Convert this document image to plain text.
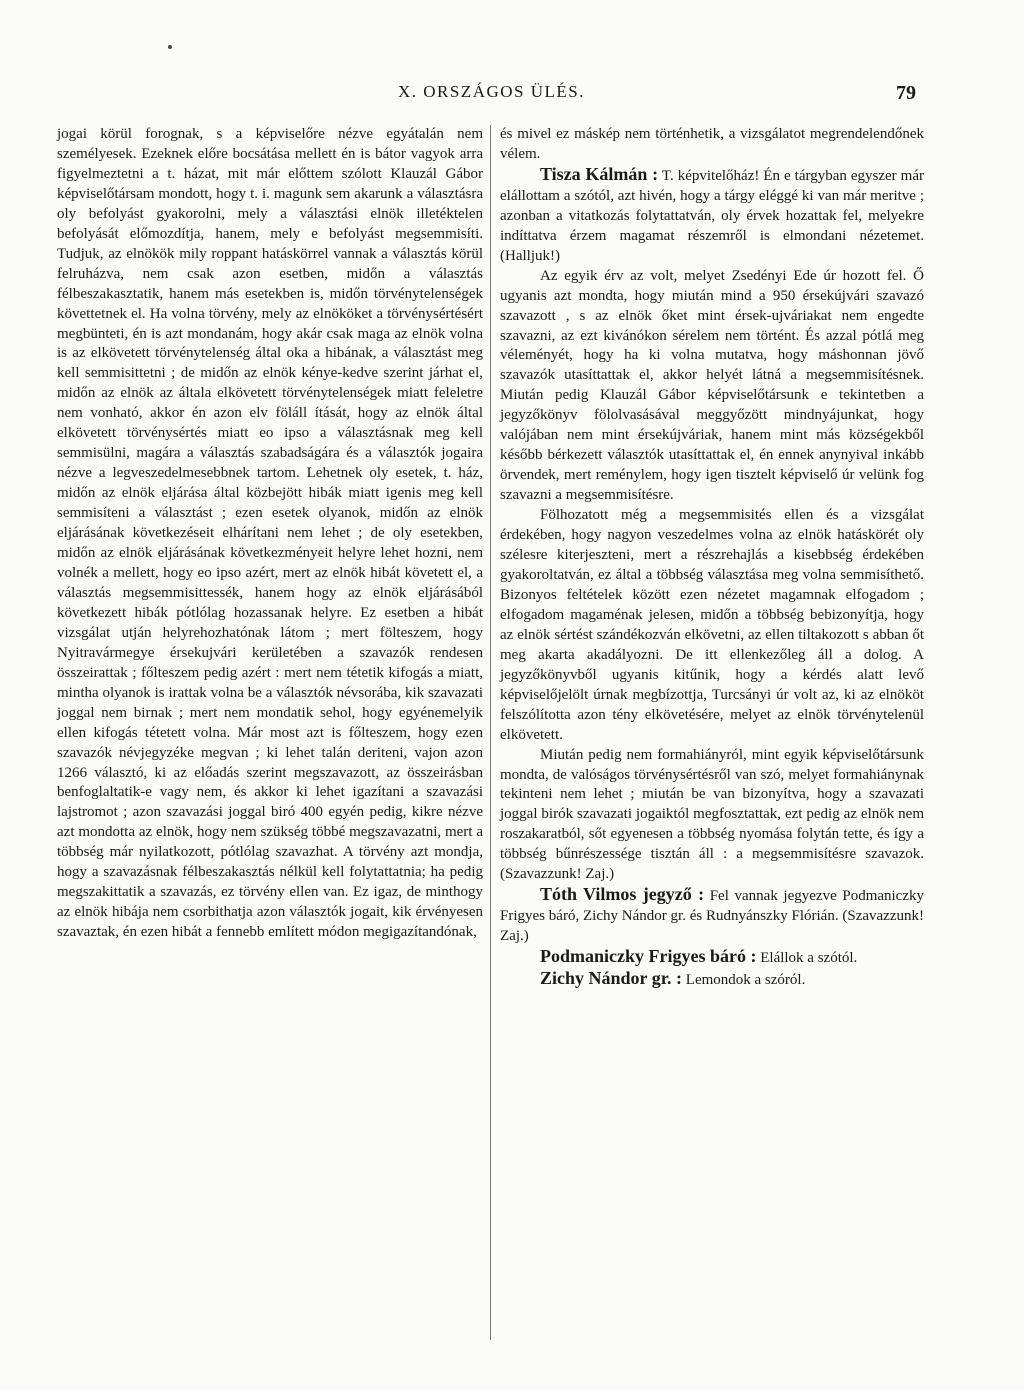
X. ORSZÁGOS ÜLÉS.	79

jogai körül forognak, s a képviselőre nézve egyátalán nem személyesek. Ezeknek előre bocsátása mellett én is bátor vagyok arra figyelmeztetni a t. házat, mit már előttem szólott Klauzál Gábor képviselőtársam mondott, hogy t. i. magunk sem akarunk a választásra oly befolyást gyakorolni, mely a választási elnök illetéktelen befolyását előmozdítja, hanem, mely e befolyást megsemmisíti. Tudjuk, az elnökök mily roppant hatáskörrel vannak a választás körül felruházva, nem csak azon esetben, midőn a választás félbeszakasztatik, hanem más esetekben is, midőn törvénytelenségek követtetnek el. Ha volna törvény, mely az elnököket a törvénysértésért megbünteti, én is azt mondanám, hogy akár csak maga az elnök volna is az elkövetett törvénytelenség által oka a hibának, a választást meg kell semmisittetni ; de midőn az elnök kénye-kedve szerint járhat el, midőn az elnök az általa elkövetett törvénytelenségek miatt feleletre nem vonható, akkor én azon elv föláll ítását, hogy az elnök által elkövetett törvénysértés miatt eo ipso a választásnak meg kell semmisülni, magára a választás szabadságára és a választók jogaira nézve a legveszedelmesebbnek tartom. Lehetnek oly esetek, t. ház, midőn az elnök eljárása által közbejött hibák miatt igenis meg kell semmisíteni a választást ; ezen esetek olyanok, midőn az elnök eljárásának következéseit elhárítani nem lehet ; de oly esetekben, midőn az elnök eljárásának következményeit helyre lehet hozni, nem volnék a mellett, hogy eo ipso azért, mert az elnök hibát követett el, a választás megsemmisittessék, hanem hogy az elnök eljárásából következett hibák pótlólag hozassanak helyre. Ez esetben a hibát vizsgálat utján helyrehozhatónak látom ; mert fölteszem, hogy Nyitravármegye érsekujvári kerületében a szavazók rendesen összeirattak ; főlteszem pedig azért : mert nem tétetik kifogás a miatt, mintha olyanok is irattak volna be a választók névsorába, kik szavazati joggal nem birnak ; mert nem mondatik sehol, hogy egyénemelyik ellen kifogás tétetett volna. Már most azt is főlteszem, hogy ezen szavazók névjegyzéke megvan ; ki lehet talán deriteni, vajon azon 1266 választó, ki az előadás szerint megszavazott, az összeirásban benfoglaltatik-e vagy nem, és akkor ki lehet igazítani a szavazási lajstromot ; azon szavazási joggal biró 400 egyén pedig, kikre nézve azt mondotta az elnök, hogy nem szükség többé megszavazatni, mert a többség már nyilatkozott, pótlólag szavazhat. A törvény azt mondja, hogy a szavazásnak félbeszakasztás nélkül kell folytattatnia; ha pedig megszakittatik a szavazás, ez törvény ellen van. Ez igaz, de minthogy az elnök hibája nem csorbithatja azon választók jogait, kik érvényesen szavaztak, én ezen hibát a fennebb említett módon megigazítandónak,

és mivel ez máskép nem történhetik, a vizsgálatot megrendelendőnek vélem.

Tisza Kálmán : T. képvitelőház! Én e tárgyban egyszer már elállottam a szótól, azt hivén, hogy a tárgy eléggé ki van már meritve ; azonban a vitatkozás folytattatván, oly érvek hozattak fel, melyekre indíttatva érzem magamat részemről is elmondani nézetemet. (Halljuk!)

Az egyik érv az volt, melyet Zsedényi Ede úr hozott fel. Ő ugyanis azt mondta, hogy miután mind a 950 érsekújvári szavazó szavazott , s az elnök őket mint érsek-ujváriakat nem engedte szavazni, az ezt kivánókon sérelem nem történt. És azzal pótlá meg véleményét, hogy ha ki volna mutatva, hogy máshonnan jövő szavazók utasíttattak el, akkor helyét látná a megsemmisítésnek. Miután pedig Klauzál Gábor képviselőtársunk e tekintetben a jegyzőkönyv fölolvasásával meggyőzött mindnyájunkat, hogy valójában nem mint érsekújváriak, hanem mint más községekből később bérkezett választók utasíttattak el, én ennek anynyival inkább örvendek, mert reménylem, hogy igen tisztelt képviselő úr velünk fog szavazni a megsemmisítésre.

Fölhozatott még a megsemmisités ellen és a vizsgálat érdekében, hogy nagyon veszedelmes volna az elnök hatáskörét oly szélesre kiterjeszteni, mert a részrehajlás a kisebbség érdekében gyakoroltatván, ez által a többség választása meg volna semmisíthető. Bizonyos feltételek között ezen nézetet magamnak elfogadom ; elfogadom magaménak jelesen, midőn a többség bebizonyítja, hogy az elnök sértést szándékozván elkövetni, az ellen tiltakozott s abban őt meg akarta akadályozni. De itt ellenkezőleg áll a dolog. A jegyzőkönyvből ugyanis kitűnik, hogy a kérdés alatt levő képviselőjelölt úrnak megbízottja, Turcsányi úr volt az, ki az elnököt felszólította azon tény elkövetésére, melyet az elnök törvénytelenül elkövetett.

Miután pedig nem formahiányról, mint egyik képviselőtársunk mondta, de valóságos törvénysértésről van szó, melyet formahiánynak tekinteni nem lehet ; miután be van bizonyítva, hogy a szavazati joggal birók szavazati jogaiktól megfosztattak, ezt pedig az elnök nem roszakaratból, sőt egyenesen a többség nyomása folytán tette, és így a többség bűnrészessége tisztán áll : a megsemmisítésre szavazok. (Szavazzunk! Zaj.)

Tóth Vilmos jegyző : Fel vannak jegyezve Podmaniczky Frigyes báró, Zichy Nándor gr. és Rudnyánszky Flórián. (Szavazzunk! Zaj.)

Podmaniczky Frigyes báró : Elállok a szótól.

Zichy Nándor gr. : Lemondok a szóról.
